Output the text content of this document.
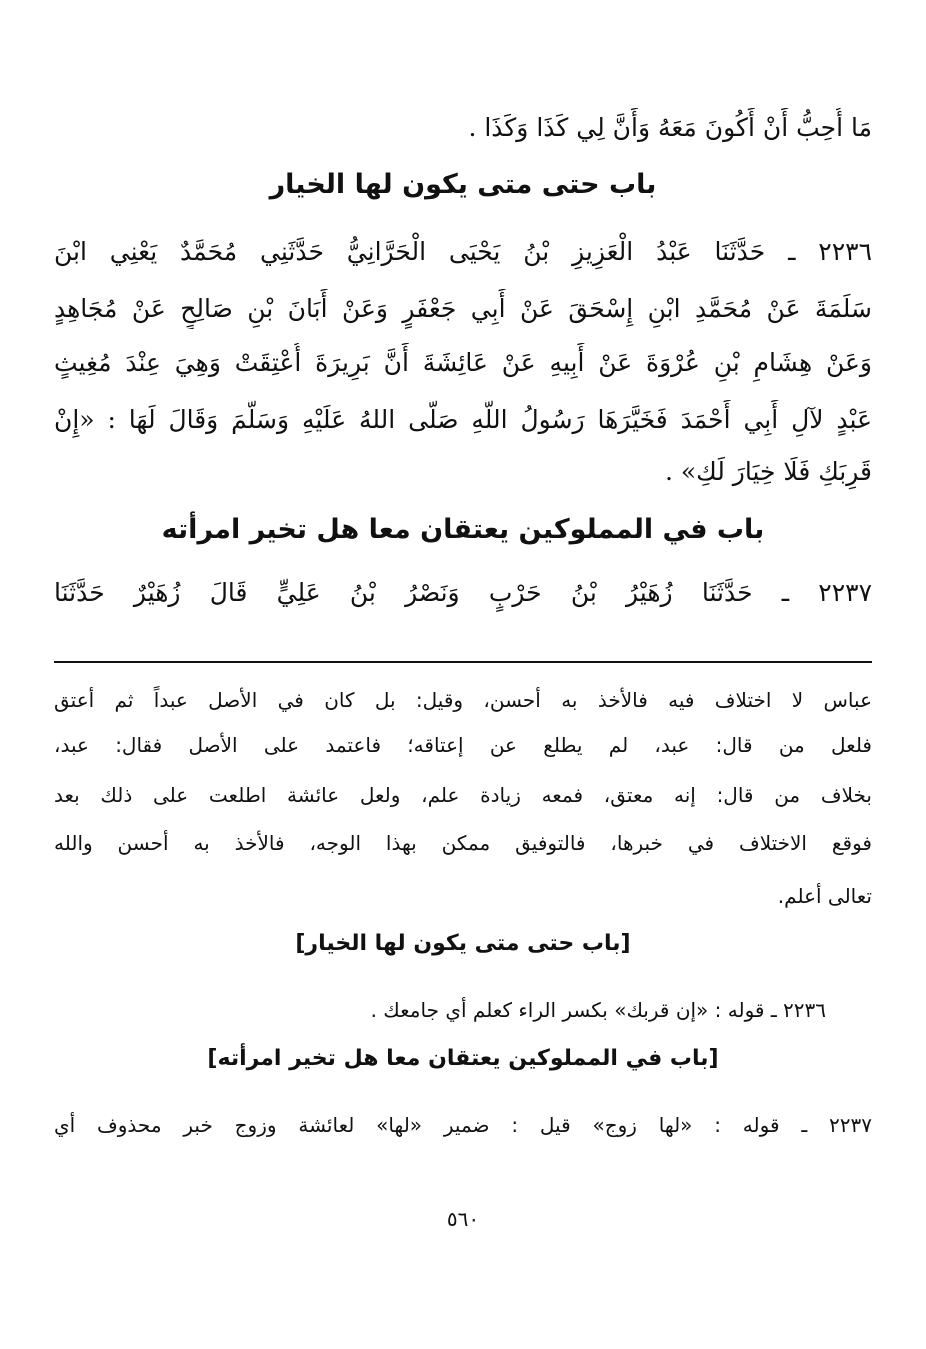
مَا أُحِبُّ أَنْ أَكُونَ مَعَهُ وَأَنَّ لِي كَذَا وَكَذَا .
باب حتى متى يكون لها الخيار
٢٢٣٦ ـ حَدَّثَنَا عَبْدُ الْعَزِيزِ بْنُ يَحْيَى الْحَرَّانِيُّ حَدَّثَنِي مُحَمَّدٌ يَعْنِي ابْنَ
سَلَمَةَ عَنْ مُحَمَّدِ ابْنِ إِسْحَقَ عَنْ أَبِي جَعْفَرٍ وَعَنْ أَبَانَ بْنِ صَالِحٍ عَنْ مُجَاهِدٍ
وَعَنْ هِشَامِ بْنِ عُرْوَةَ عَنْ أَبِيهِ عَنْ عَائِشَةَ أَنَّ بَرِيرَةَ أُعْتِقَتْ وَهِيَ عِنْدَ مُغِيثٍ
عَبْدٍ لآلِ أَبِي أَحْمَدَ فَخَيَّرَهَا رَسُولُ اللَّهِ صَلَّى اللهُ عَلَيْهِ وَسَلَّمَ وَقَالَ لَهَا : «إِنْ
قَرِبَكِ فَلَا خِيَارَ لَكِ» .
باب في المملوكين يعتقان معا هل تخير امرأته
٢٢٣٧ ـ حَدَّثَنَا زُهَيْرُ بْنُ حَرْبٍ وَنَصْرُ بْنُ عَلِيٍّ قَالَ زُهَيْرٌ حَدَّثَنَا
عباس لا اختلاف فيه فالأخذ به أحسن، وقيل: بل كان في الأصل عبداً ثم أعتق
فلعل من قال: عبد، لم يطلع عن إعتاقه؛ فاعتمد على الأصل فقال: عبد،
بخلاف من قال: إنه معتق، فمعه زيادة علم، ولعل عائشة اطلعت على ذلك بعد
فوقع الاختلاف في خبرها، فالتوفيق ممكن بهذا الوجه، فالأخذ به أحسن والله
تعالى أعلم.
[باب حتى متى يكون لها الخيار]
٢٢٣٦ ـ قوله : «إن قربك» بكسر الراء كعلم أي جامعك .
[باب في المملوكين يعتقان معا هل تخير امرأته]
٢٢٣٧ ـ قوله : «لها زوج» قيل : ضمير «لها» لعائشة وزوج خبر محذوف أي
٥٦٠
